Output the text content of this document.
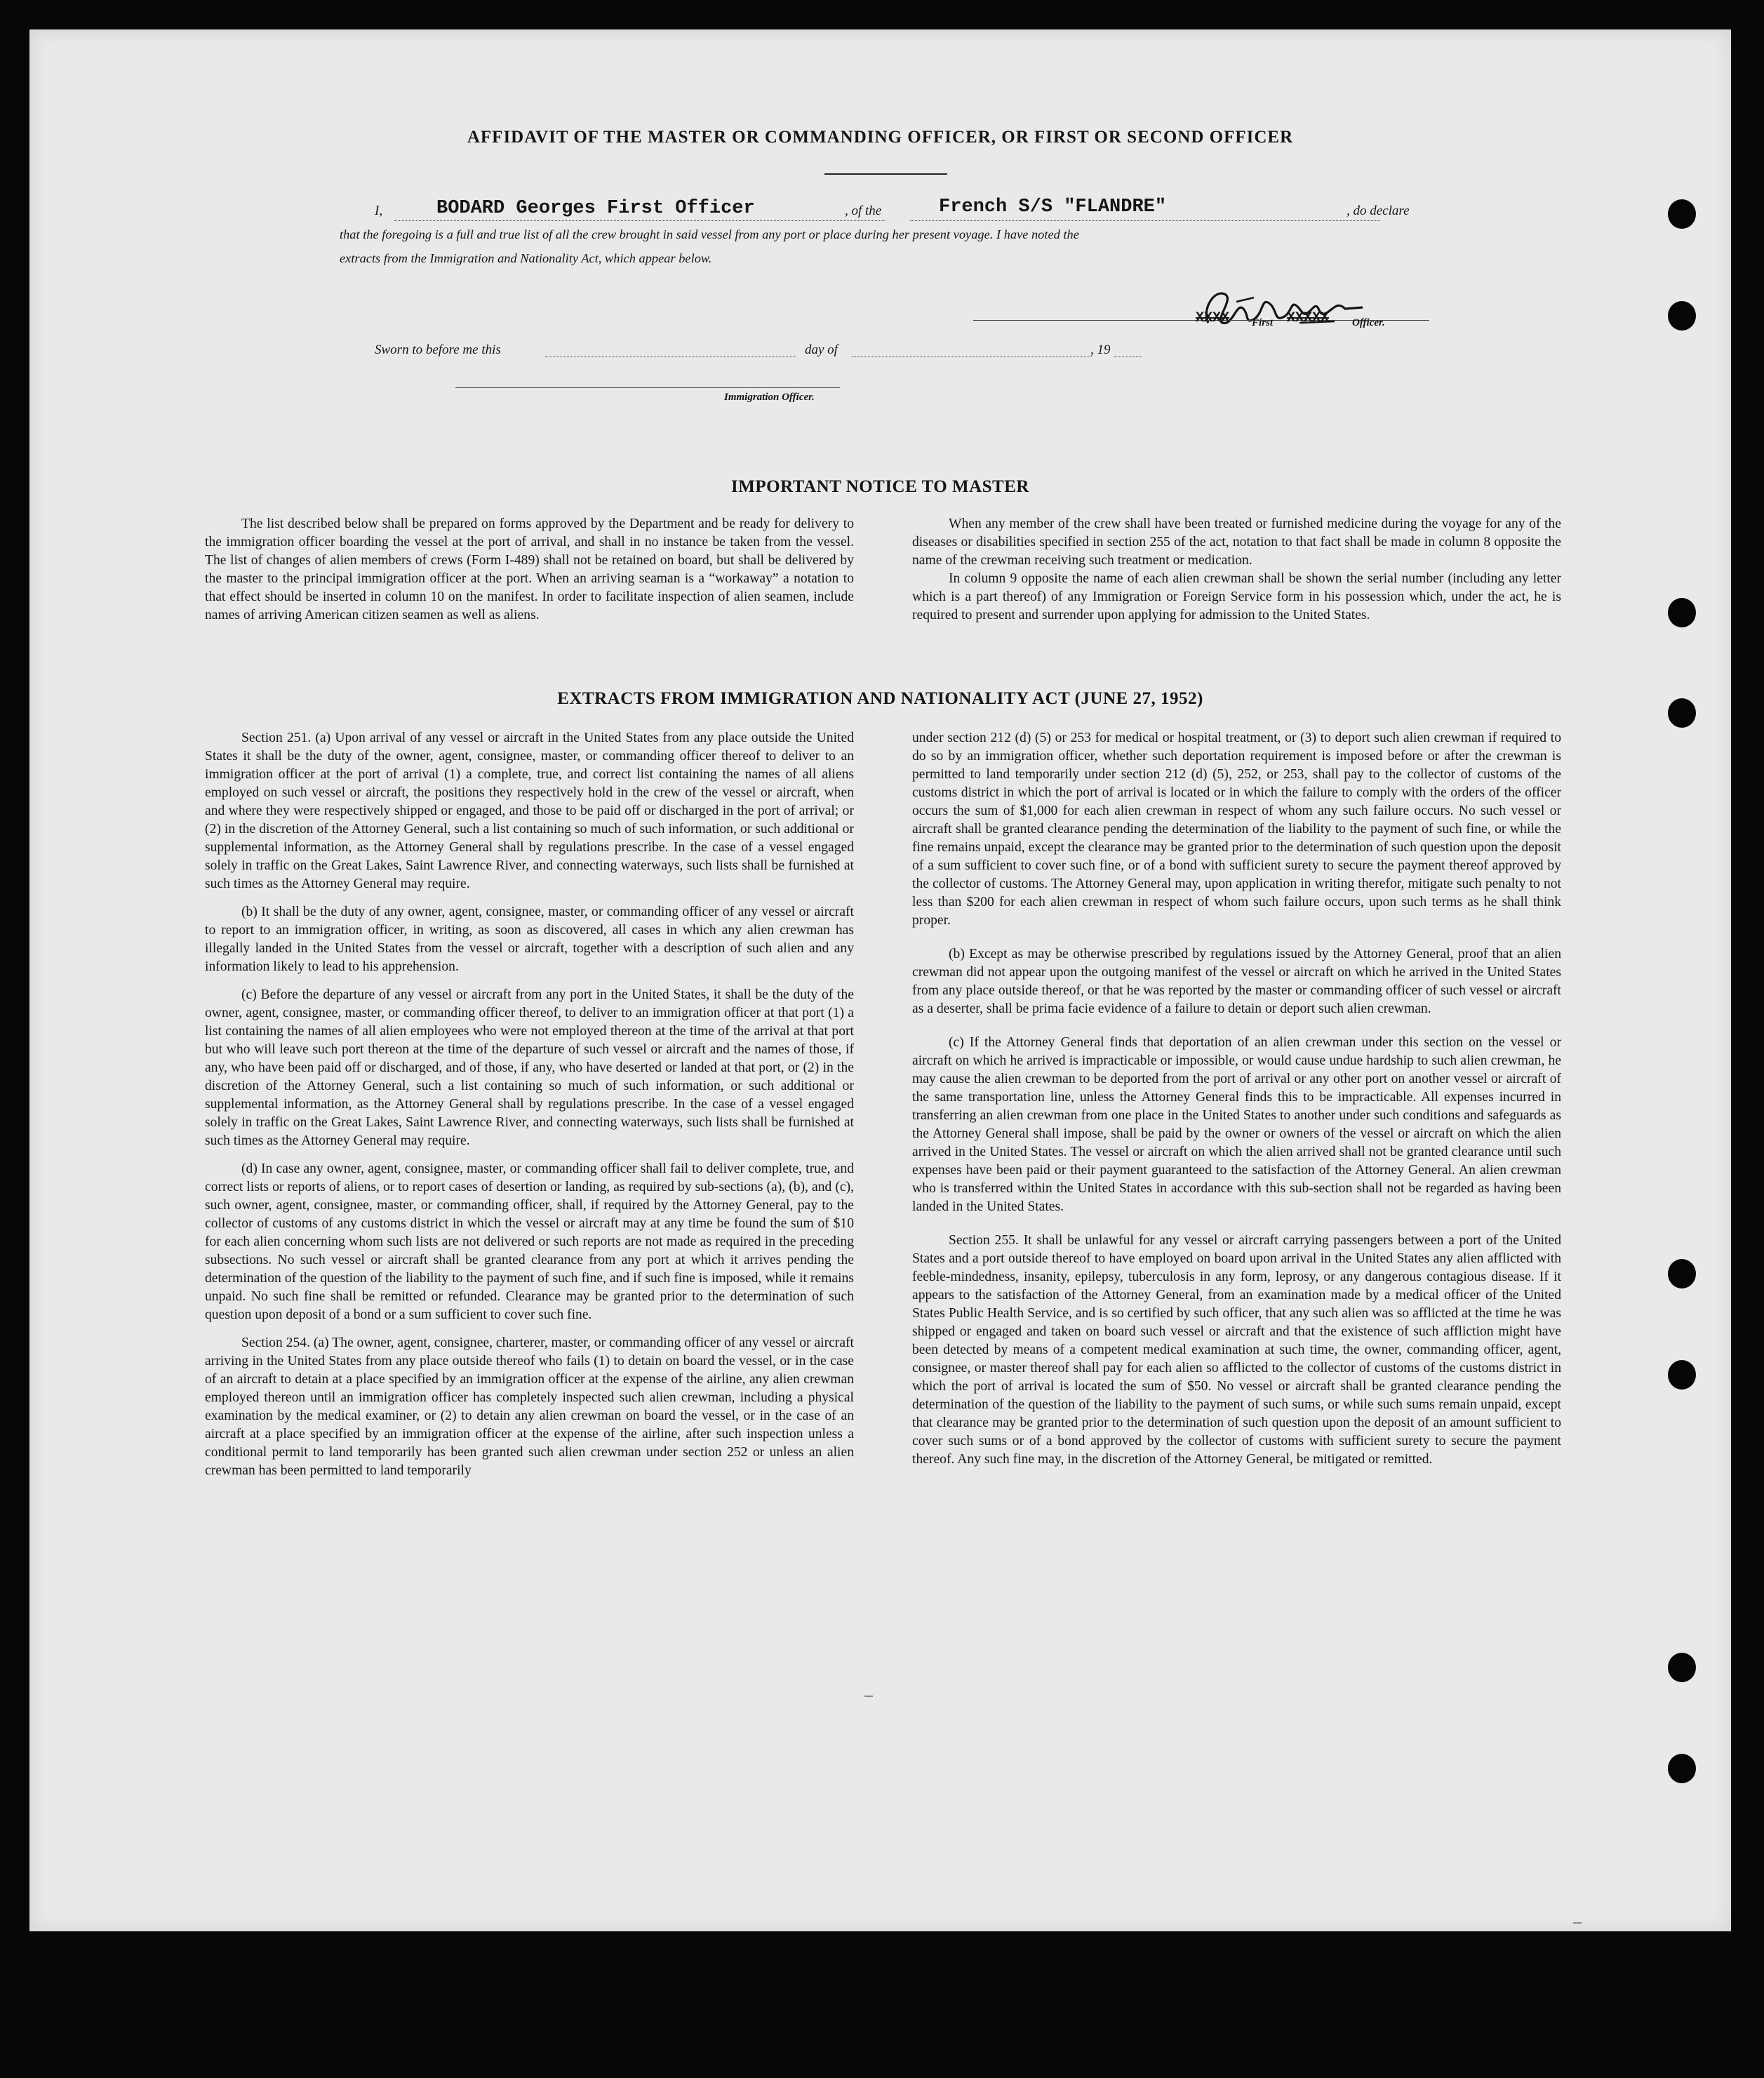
AFFIDAVIT OF THE MASTER OR COMMANDING OFFICER, OR FIRST OR SECOND OFFICER
I,	BODARD Georges First Officer	, of the	French S/S "FLANDRE"	, do declare
that the foregoing is a full and true list of all the crew brought in said vessel from any port or place during her present voyage. I have noted the
extracts from the Immigration and Nationality Act, which appear below.
XXXX First XXXXX Officer.
Sworn to before me this	day of	, 19
Immigration Officer.
IMPORTANT NOTICE TO MASTER

The list described below shall be prepared on forms approved by the Department and be ready for delivery to the immigration officer boarding the vessel at the port of arrival, and shall in no instance be taken from the vessel. The list of changes of alien members of crews (Form I-489) shall not be retained on board, but shall be delivered by the master to the principal immigration officer at the port. When an arriving seaman is a “workaway” a notation to that effect should be inserted in column 10 on the manifest. In order to facilitate inspection of alien seamen, include names of arriving American citizen seamen as well as aliens.

When any member of the crew shall have been treated or furnished medicine during the voyage for any of the diseases or disabilities specified in section 255 of the act, notation to that fact shall be made in column 8 opposite the name of the crewman receiving such treatment or medication.

In column 9 opposite the name of each alien crewman shall be shown the serial number (including any letter which is a part thereof) of any Immigration or Foreign Service form in his possession which, under the act, he is required to present and surrender upon applying for admission to the United States.

EXTRACTS FROM IMMIGRATION AND NATIONALITY ACT (JUNE 27, 1952)

Section 251. (a) Upon arrival of any vessel or aircraft in the United States from any place outside the United States it shall be the duty of the owner, agent, consignee, master, or commanding officer thereof to deliver to an immigration officer at the port of arrival (1) a complete, true, and correct list containing the names of all aliens employed on such vessel or aircraft, the positions they respectively hold in the crew of the vessel or aircraft, when and where they were respectively shipped or engaged, and those to be paid off or discharged in the port of arrival; or (2) in the discretion of the Attorney General, such a list containing so much of such information, or such additional or supplemental information, as the Attorney General shall by regulations prescribe. In the case of a vessel engaged solely in traffic on the Great Lakes, Saint Lawrence River, and connecting waterways, such lists shall be furnished at such times as the Attorney General may require.

(b) It shall be the duty of any owner, agent, consignee, master, or commanding officer of any vessel or aircraft to report to an immigration officer, in writing, as soon as discovered, all cases in which any alien crewman has illegally landed in the United States from the vessel or aircraft, together with a description of such alien and any information likely to lead to his apprehension.

(c) Before the departure of any vessel or aircraft from any port in the United States, it shall be the duty of the owner, agent, consignee, master, or commanding officer thereof, to deliver to an immigration officer at that port (1) a list containing the names of all alien employees who were not employed thereon at the time of the arrival at that port but who will leave such port thereon at the time of the departure of such vessel or aircraft and the names of those, if any, who have been paid off or discharged, and of those, if any, who have deserted or landed at that port, or (2) in the discretion of the Attorney General, such a list containing so much of such information, or such additional or supplemental information, as the Attorney General shall by regulations prescribe. In the case of a vessel engaged solely in traffic on the Great Lakes, Saint Lawrence River, and connecting waterways, such lists shall be furnished at such times as the Attorney General may require.

(d) In case any owner, agent, consignee, master, or commanding officer shall fail to deliver complete, true, and correct lists or reports of aliens, or to report cases of desertion or landing, as required by sub-sections (a), (b), and (c), such owner, agent, consignee, master, or commanding officer, shall, if required by the Attorney General, pay to the collector of customs of any customs district in which the vessel or aircraft may at any time be found the sum of $10 for each alien concerning whom such lists are not delivered or such reports are not made as required in the preceding subsections. No such vessel or aircraft shall be granted clearance from any port at which it arrives pending the determination of the question of the liability to the payment of such fine, and if such fine is imposed, while it remains unpaid. No such fine shall be remitted or refunded. Clearance may be granted prior to the determination of such question upon deposit of a bond or a sum sufficient to cover such fine.

Section 254. (a) The owner, agent, consignee, charterer, master, or commanding officer of any vessel or aircraft arriving in the United States from any place outside thereof who fails (1) to detain on board the vessel, or in the case of an aircraft to detain at a place specified by an immigration officer at the expense of the airline, any alien crewman employed thereon until an immigration officer has completely inspected such alien crewman, including a physical examination by the medical examiner, or (2) to detain any alien crewman on board the vessel, or in the case of an aircraft at a place specified by an immigration officer at the expense of the airline, after such inspection unless a conditional permit to land temporarily has been granted such alien crewman under section 252 or unless an alien crewman has been permitted to land temporarily

under section 212 (d) (5) or 253 for medical or hospital treatment, or (3) to deport such alien crewman if required to do so by an immigration officer, whether such deportation requirement is imposed before or after the crewman is permitted to land temporarily under section 212 (d) (5), 252, or 253, shall pay to the collector of customs of the customs district in which the port of arrival is located or in which the failure to comply with the orders of the officer occurs the sum of $1,000 for each alien crewman in respect of whom any such failure occurs. No such vessel or aircraft shall be granted clearance pending the determination of the liability to the payment of such fine, or while the fine remains unpaid, except the clearance may be granted prior to the determination of such question upon the deposit of a sum sufficient to cover such fine, or of a bond with sufficient surety to secure the payment thereof approved by the collector of customs. The Attorney General may, upon application in writing therefor, mitigate such penalty to not less than $200 for each alien crewman in respect of whom such failure occurs, upon such terms as he shall think proper.

(b) Except as may be otherwise prescribed by regulations issued by the Attorney General, proof that an alien crewman did not appear upon the outgoing manifest of the vessel or aircraft on which he arrived in the United States from any place outside thereof, or that he was reported by the master or commanding officer of such vessel or aircraft as a deserter, shall be prima facie evidence of a failure to detain or deport such alien crewman.

(c) If the Attorney General finds that deportation of an alien crewman under this section on the vessel or aircraft on which he arrived is impracticable or impossible, or would cause undue hardship to such alien crewman, he may cause the alien crewman to be deported from the port of arrival or any other port on another vessel or aircraft of the same transportation line, unless the Attorney General finds this to be impracticable. All expenses incurred in transferring an alien crewman from one place in the United States to another under such conditions and safeguards as the Attorney General shall impose, shall be paid by the owner or owners of the vessel or aircraft on which the alien arrived in the United States. The vessel or aircraft on which the alien arrived shall not be granted clearance until such expenses have been paid or their payment guaranteed to the satisfaction of the Attorney General. An alien crewman who is transferred within the United States in accordance with this sub-section shall not be regarded as having been landed in the United States.

Section 255. It shall be unlawful for any vessel or aircraft carrying passengers between a port of the United States and a port outside thereof to have employed on board upon arrival in the United States any alien afflicted with feeble-mindedness, insanity, epilepsy, tuberculosis in any form, leprosy, or any dangerous contagious disease. If it appears to the satisfaction of the Attorney General, from an examination made by a medical officer of the United States Public Health Service, and is so certified by such officer, that any such alien was so afflicted at the time he was shipped or engaged and taken on board such vessel or aircraft and that the existence of such affliction might have been detected by means of a competent medical examination at such time, the owner, commanding officer, agent, consignee, or master thereof shall pay for each alien so afflicted to the collector of customs of the customs district in which the port of arrival is located the sum of $50. No vessel or aircraft shall be granted clearance pending the determination of the question of the liability to the payment of such sums, or while such sums remain unpaid, except that clearance may be granted prior to the determination of such question upon the deposit of an amount sufficient to cover such sums or of a bond approved by the collector of customs with sufficient surety to secure the payment thereof. Any such fine may, in the discretion of the Attorney General, be mitigated or remitted.
